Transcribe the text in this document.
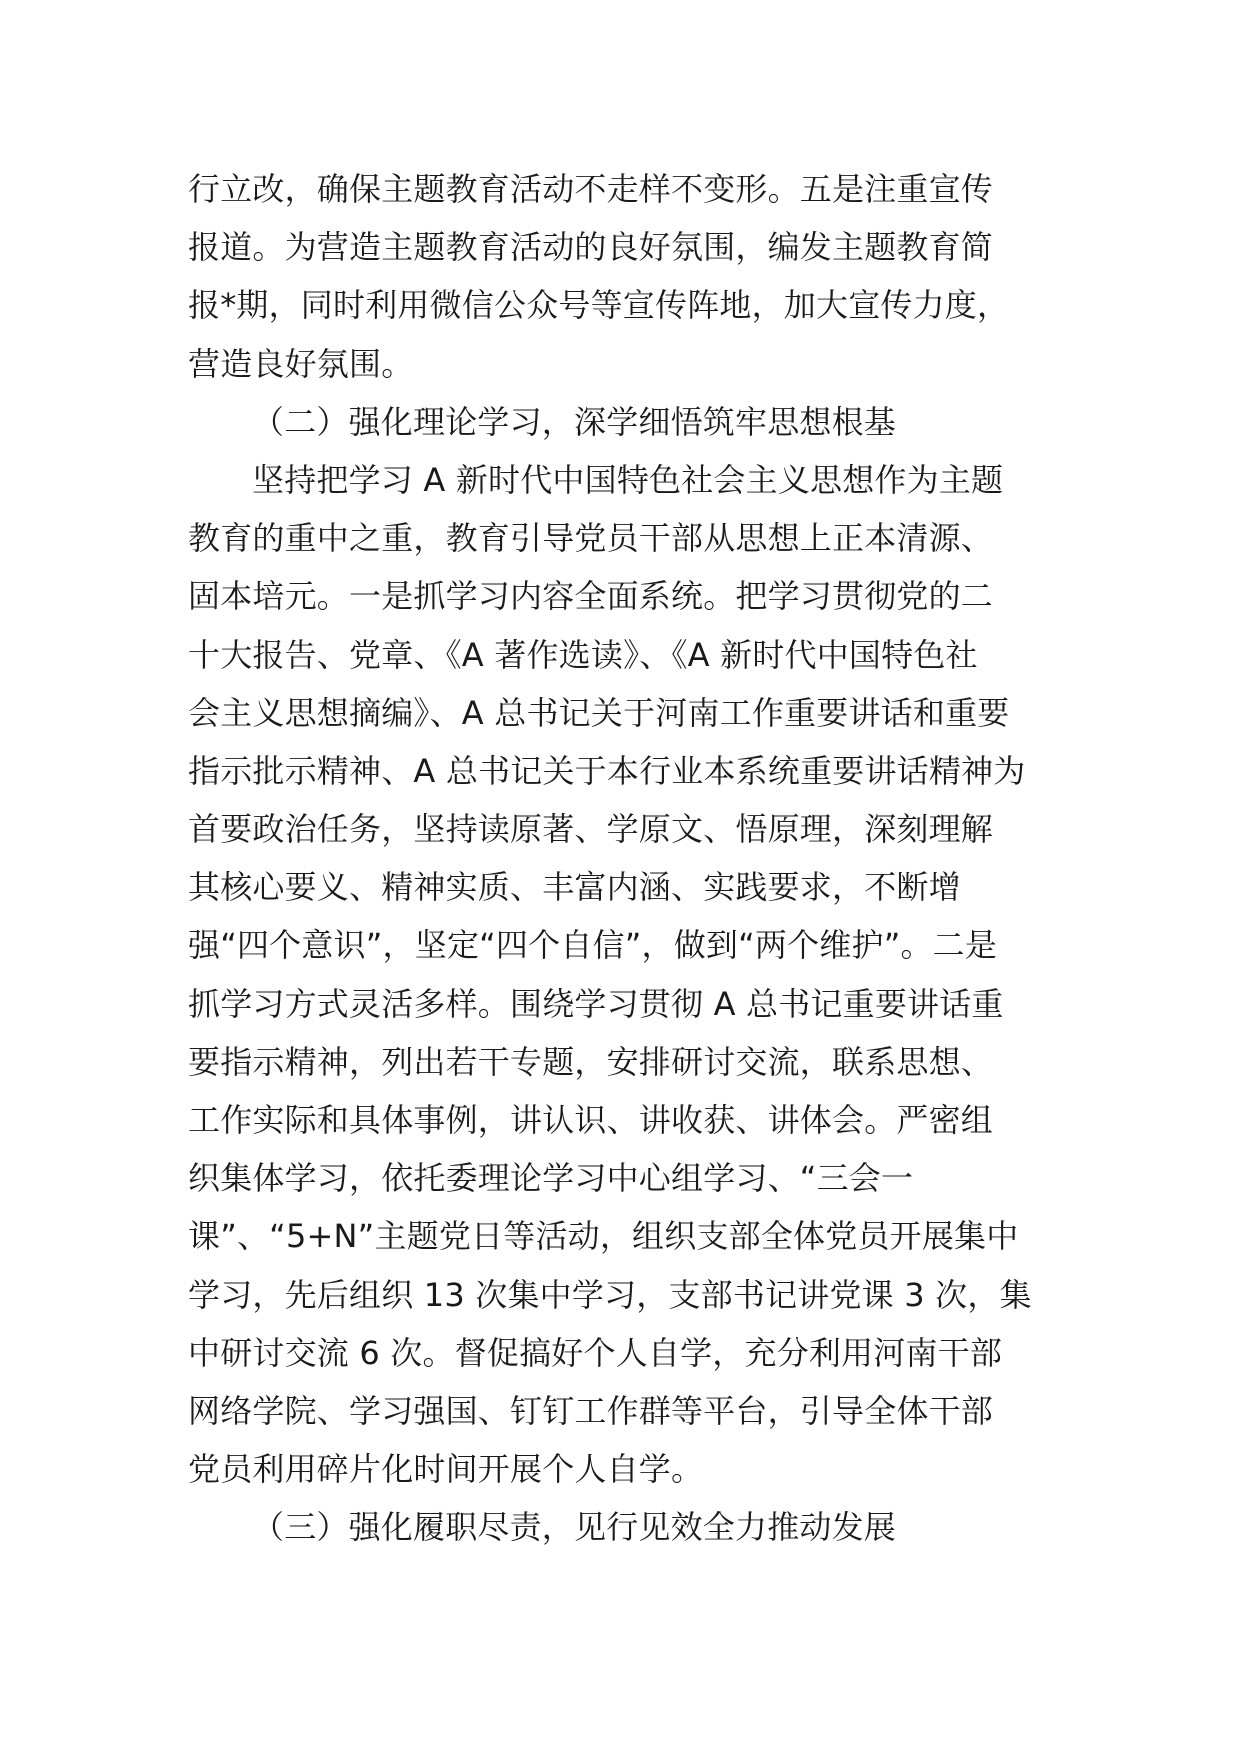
行立改，确保主题教育活动不走样不变形。五是注重宣传
报道。为营造主题教育活动的良好氛围，编发主题教育简
报*期，同时利用微信公众号等宣传阵地，加大宣传力度，
营造良好氛围。
（二）强化理论学习，深学细悟筑牢思想根基
坚持把学习 A 新时代中国特色社会主义思想作为主题
教育的重中之重，教育引导党员干部从思想上正本清源、
固本培元。一是抓学习内容全面系统。把学习贯彻党的二
十大报告、党章、《A 著作选读》、《A 新时代中国特色社
会主义思想摘编》、A 总书记关于河南工作重要讲话和重要
指示批示精神、A 总书记关于本行业本系统重要讲话精神为
首要政治任务，坚持读原著、学原文、悟原理，深刻理解
其核心要义、精神实质、丰富内涵、实践要求，不断增
强“四个意识”，坚定“四个自信”，做到“两个维护”。二是
抓学习方式灵活多样。围绕学习贯彻 A 总书记重要讲话重
要指示精神，列出若干专题，安排研讨交流，联系思想、
工作实际和具体事例，讲认识、讲收获、讲体会。严密组
织集体学习，依托委理论学习中心组学习、“三会一
课”、“5+N”主题党日等活动，组织支部全体党员开展集中
学习，先后组织 13 次集中学习，支部书记讲党课 3 次，集
中研讨交流 6 次。督促搞好个人自学，充分利用河南干部
网络学院、学习强国、钉钉工作群等平台，引导全体干部
党员利用碎片化时间开展个人自学。
（三）强化履职尽责，见行见效全力推动发展
